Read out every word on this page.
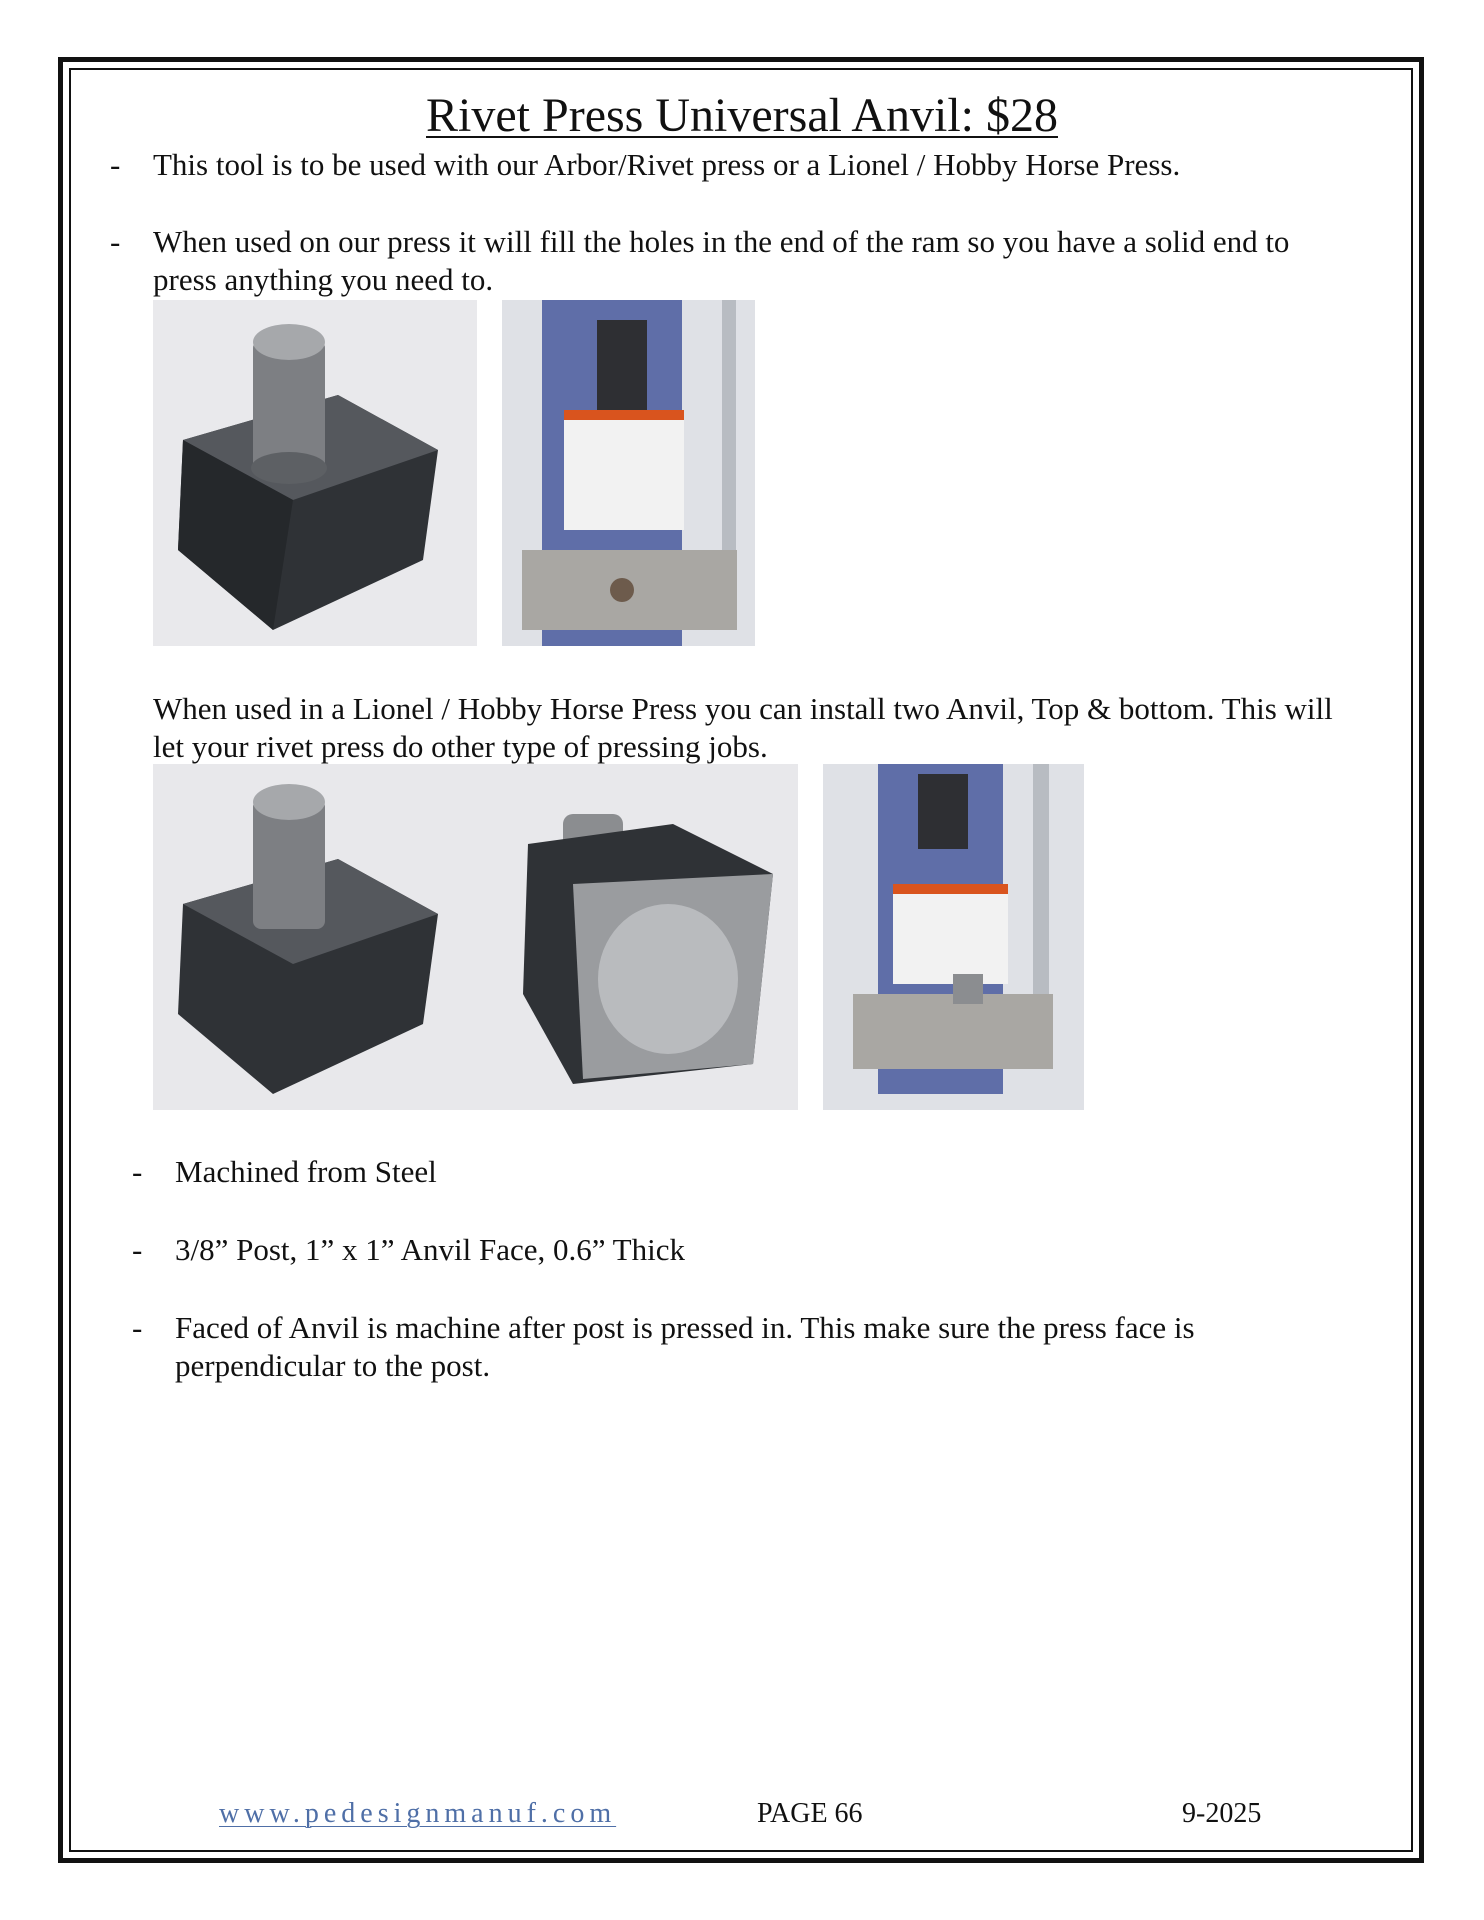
Rivet Press Universal Anvil: $28
- This tool is to be used with our Arbor/Rivet press or a Lionel / Hobby Horse Press.

- When used on our press it will fill the holes in the end of the ram so you have a solid end to press anything you need to.

When used in a Lionel / Hobby Horse Press you can install two Anvil, Top & bottom. This will let your rivet press do other type of pressing jobs.
- Machined from Steel

- 3/8” Post, 1” x 1” Anvil Face, 0.6” Thick

- Faced of Anvil is machine after post is pressed in. This make sure the press face is perpendicular to the post.

www.pedesignmanuf.com	PAGE 66	9-2025
